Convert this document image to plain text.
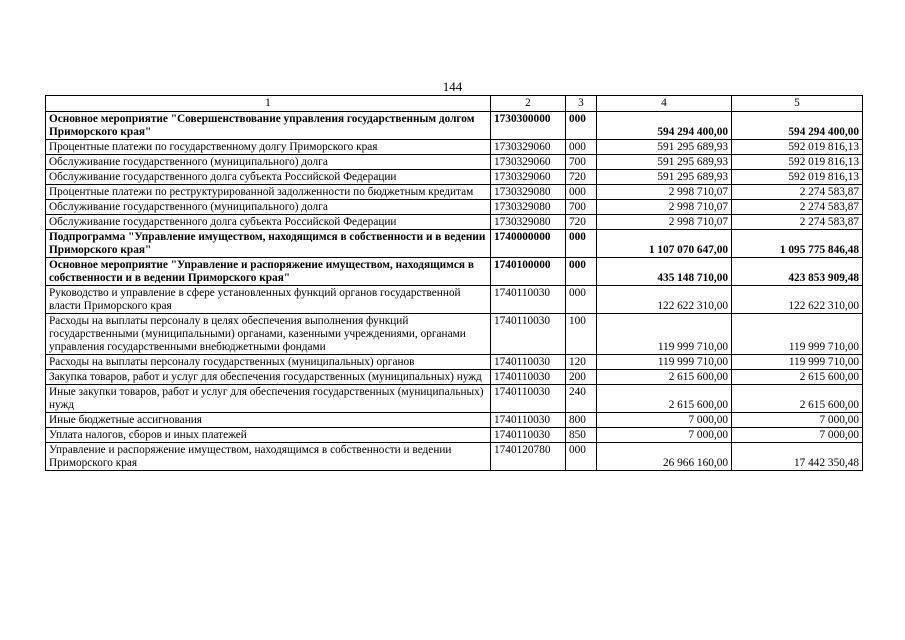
144
1	2	3	4	5
Основное мероприятие "Совершенствование управления государственным долгом Приморского края"	1730300000	000	594 294 400,00	594 294 400,00
Процентные платежи по государственному долгу Приморского края	1730329060	000	591 295 689,93	592 019 816,13
Обслуживание государственного (муниципального) долга	1730329060	700	591 295 689,93	592 019 816,13
Обслуживание государственного долга субъекта Российской Федерации	1730329060	720	591 295 689,93	592 019 816,13
Процентные платежи по реструктурированной задолженности по бюджетным кредитам	1730329080	000	2 998 710,07	2 274 583,87
Обслуживание государственного (муниципального) долга	1730329080	700	2 998 710,07	2 274 583,87
Обслуживание государственного долга субъекта Российской Федерации	1730329080	720	2 998 710,07	2 274 583,87
Подпрограмма "Управление имуществом, находящимся в собственности и в ведении Приморского края"	1740000000	000	1 107 070 647,00	1 095 775 846,48
Основное мероприятие "Управление и распоряжение имуществом, находящимся в собственности и в ведении Приморского края"	1740100000	000	435 148 710,00	423 853 909,48
Руководство и управление в сфере установленных функций органов государственной власти Приморского края	1740110030	000	122 622 310,00	122 622 310,00
Расходы на выплаты персоналу в целях обеспечения выполнения функций государственными (муниципальными) органами, казенными учреждениями, органами управления государственными внебюджетными фондами	1740110030	100	119 999 710,00	119 999 710,00
Расходы на выплаты персоналу государственных (муниципальных) органов	1740110030	120	119 999 710,00	119 999 710,00
Закупка товаров, работ и услуг для обеспечения государственных (муниципальных) нужд	1740110030	200	2 615 600,00	2 615 600,00
Иные закупки товаров, работ и услуг для обеспечения государственных (муниципальных) нужд	1740110030	240	2 615 600,00	2 615 600,00
Иные бюджетные ассигнования	1740110030	800	7 000,00	7 000,00
Уплата налогов, сборов и иных платежей	1740110030	850	7 000,00	7 000,00
Управление и распоряжение имуществом, находящимся в собственности и ведении Приморского края	1740120780	000	26 966 160,00	17 442 350,48
